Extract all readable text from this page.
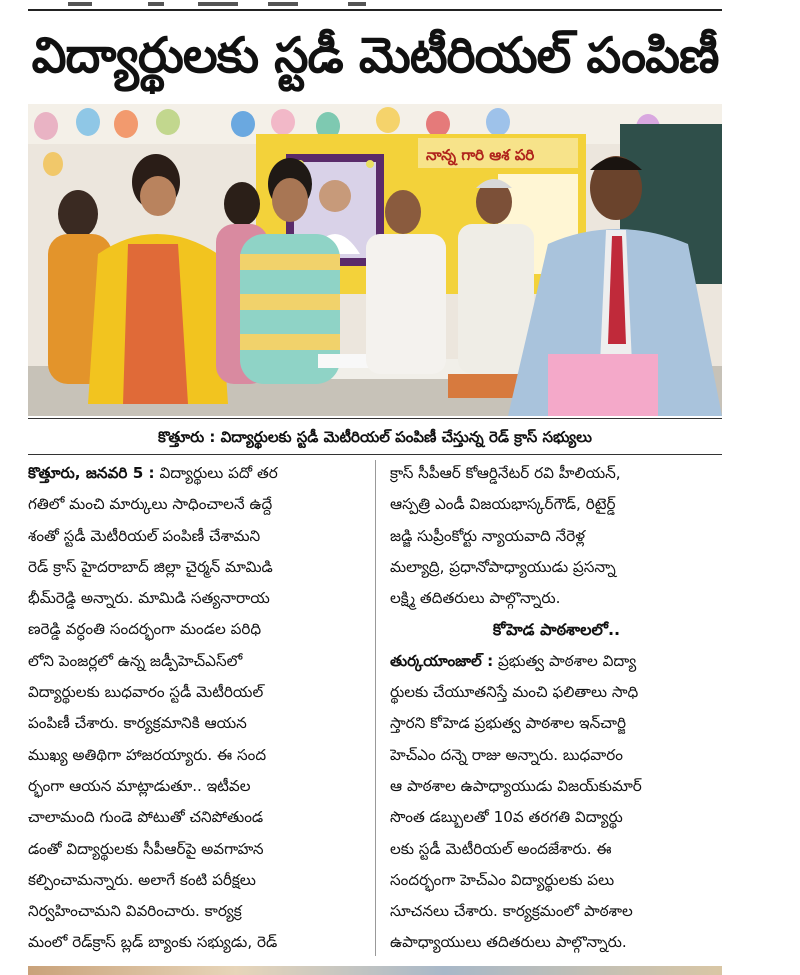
విద్యార్థులకు స్టడీ మెటీరియల్ పంపిణీ
నాన్న గారి ఆశ పరి
కొత్తూరు : విద్యార్థులకు స్టడీ మెటీరియల్ పంపిణీ చేస్తున్న రెడ్ క్రాస్ సభ్యులు

కొత్తూరు, జనవరి 5 : విద్యార్థులు పదో తర
గతిలో మంచి మార్కులు సాధించాలనే ఉద్దే
శంతో స్టడీ మెటీరియల్ పంపిణీ చేశామని
రెడ్ క్రాస్ హైదరాబాద్ జిల్లా చైర్మన్ మామిడి
భీమ్‌రెడ్డి అన్నారు. మామిడి సత్యనారాయ
ణరెడ్డి వర్ధంతి సందర్భంగా మండల పరిధి
లోని పెంజర్లలో ఉన్న జడ్పీహెచ్‌ఎస్‌లో
విద్యార్థులకు బుధవారం స్టడీ మెటీరియల్
పంపిణీ చేశారు. కార్యక్రమానికి ఆయన
ముఖ్య అతిథిగా హాజరయ్యారు. ఈ సంద
ర్భంగా ఆయన మాట్లాడుతూ.. ఇటీవల
చాలామంది గుండె పోటుతో చనిపోతుండ
డంతో విద్యార్థులకు సీపీఆర్‌పై అవగాహన
కల్పించామన్నారు. అలాగే కంటి పరీక్షలు
నిర్వహించామని వివరించారు. కార్యక్ర
మంలో రెడ్‌క్రాస్ బ్లడ్ బ్యాంకు సభ్యుడు, రెడ్

క్రాస్ సీపీఆర్ కోఆర్డినేటర్ రవి హీలియన్,
ఆస్పత్రి ఎండీ విజయభాస్కర్‌గౌడ్, రిటైర్డ్
జడ్జి సుప్రీంకోర్టు న్యాయవాది నేరెళ్ల
మల్యాద్రి, ప్రధానోపాధ్యాయుడు ప్రసన్నా
లక్ష్మి తదితరులు పాల్గొన్నారు.

కోహెడ పాఠశాలలో..

తుర్కయాంజాల్ : ప్రభుత్వ పాఠశాల విద్యా
ర్థులకు చేయూతనిస్తే మంచి ఫలితాలు సాధి
స్తారని కోహెడ ప్రభుత్వ పాఠశాల ఇన్‌చార్జి
హెచ్‌ఎం దన్నె రాజు అన్నారు. బుధవారం
ఆ పాఠశాల ఉపాధ్యాయుడు విజయ్‌కుమార్
సొంత డబ్బులతో 10వ తరగతి విద్యార్థు
లకు స్టడీ మెటీరియల్ అందజేశారు. ఈ
సందర్భంగా హెచ్‌ఎం విద్యార్థులకు పలు
సూచనలు చేశారు. కార్యక్రమంలో పాఠశాల
ఉపాధ్యాయులు తదితరులు పాల్గొన్నారు.
